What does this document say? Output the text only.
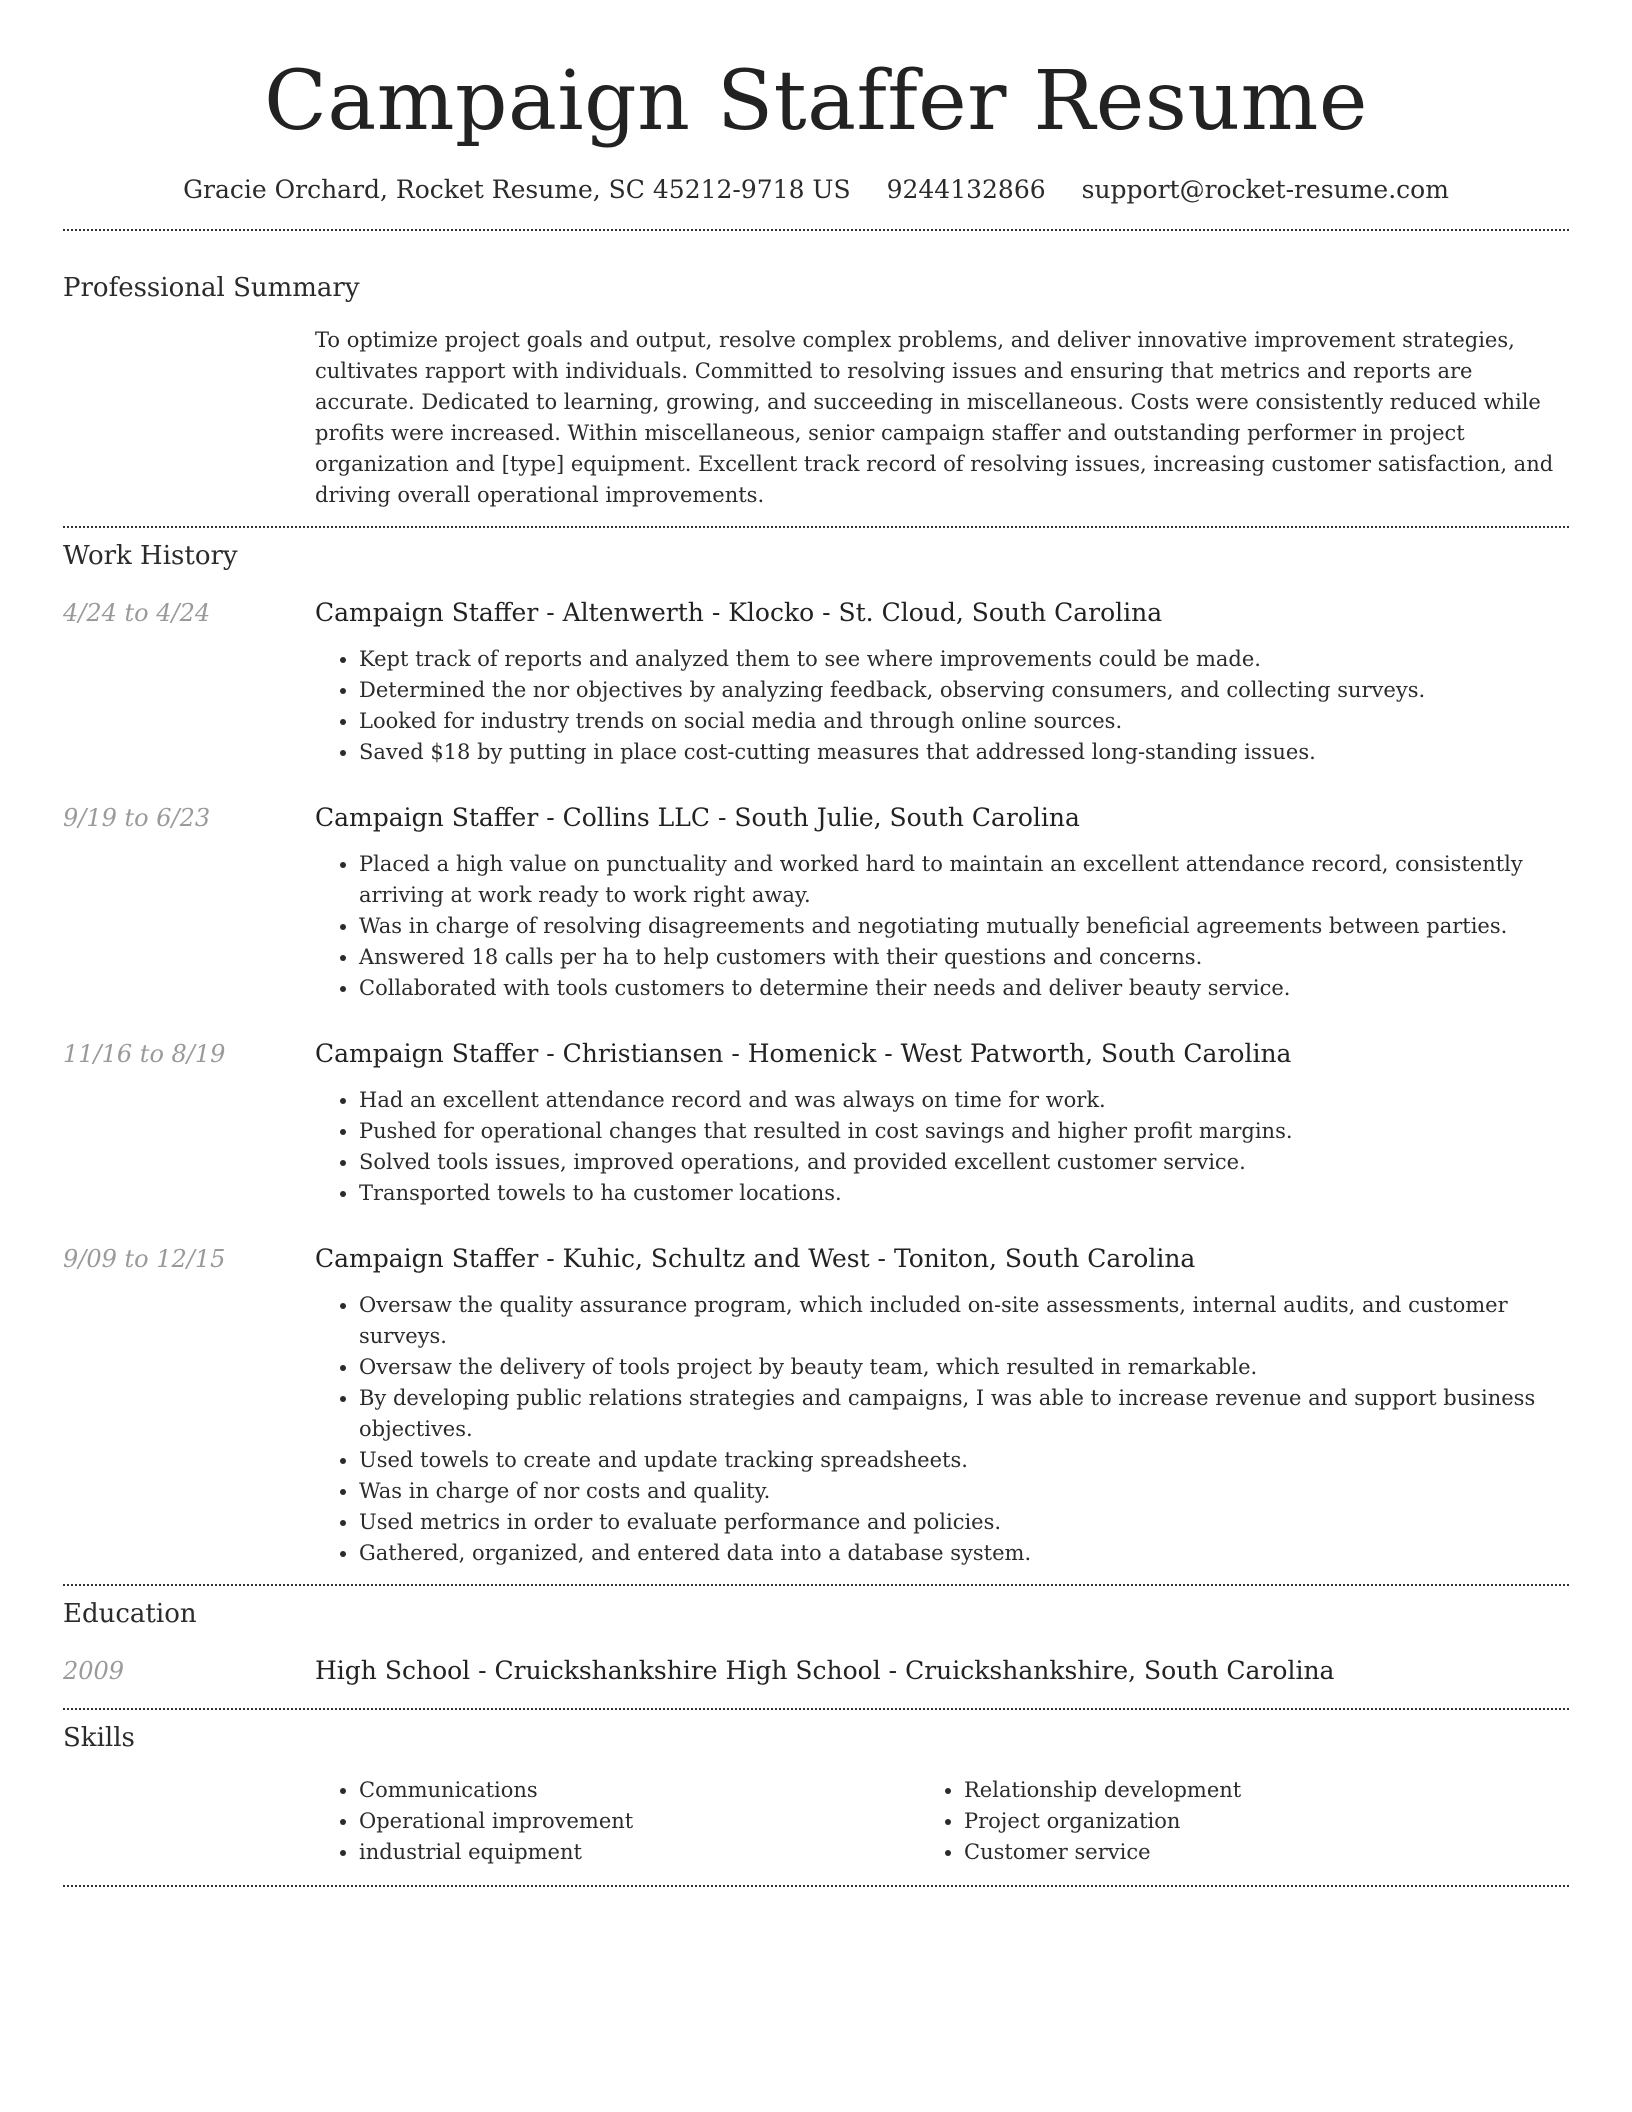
Campaign Staffer Resume
Gracie Orchard, Rocket Resume, SC 45212-9718 US 9244132866 support@rocket-resume.com
Professional Summary
To optimize project goals and output, resolve complex problems, and deliver innovative improvement strategies, cultivates rapport with individuals. Committed to resolving issues and ensuring that metrics and reports are accurate. Dedicated to learning, growing, and succeeding in miscellaneous. Costs were consistently reduced while profits were increased. Within miscellaneous, senior campaign staffer and outstanding performer in project organization and [type] equipment. Excellent track record of resolving issues, increasing customer satisfaction, and driving overall operational improvements.
Work History
4/24 to 4/24	Campaign Staffer - Altenwerth - Klocko - St. Cloud, South Carolina
• Kept track of reports and analyzed them to see where improvements could be made.
• Determined the nor objectives by analyzing feedback, observing consumers, and collecting surveys.
• Looked for industry trends on social media and through online sources.
• Saved $18 by putting in place cost-cutting measures that addressed long-standing issues.
9/19 to 6/23	Campaign Staffer - Collins LLC - South Julie, South Carolina
• Placed a high value on punctuality and worked hard to maintain an excellent attendance record, consistently arriving at work ready to work right away.
• Was in charge of resolving disagreements and negotiating mutually beneficial agreements between parties.
• Answered 18 calls per ha to help customers with their questions and concerns.
• Collaborated with tools customers to determine their needs and deliver beauty service.
11/16 to 8/19	Campaign Staffer - Christiansen - Homenick - West Patworth, South Carolina
• Had an excellent attendance record and was always on time for work.
• Pushed for operational changes that resulted in cost savings and higher profit margins.
• Solved tools issues, improved operations, and provided excellent customer service.
• Transported towels to ha customer locations.
9/09 to 12/15	Campaign Staffer - Kuhic, Schultz and West - Toniton, South Carolina
• Oversaw the quality assurance program, which included on-site assessments, internal audits, and customer surveys.
• Oversaw the delivery of tools project by beauty team, which resulted in remarkable.
• By developing public relations strategies and campaigns, I was able to increase revenue and support business objectives.
• Used towels to create and update tracking spreadsheets.
• Was in charge of nor costs and quality.
• Used metrics in order to evaluate performance and policies.
• Gathered, organized, and entered data into a database system.
Education
2009	High School - Cruickshankshire High School - Cruickshankshire, South Carolina
Skills
• Communications
• Operational improvement
• industrial equipment
• Relationship development
• Project organization
• Customer service
